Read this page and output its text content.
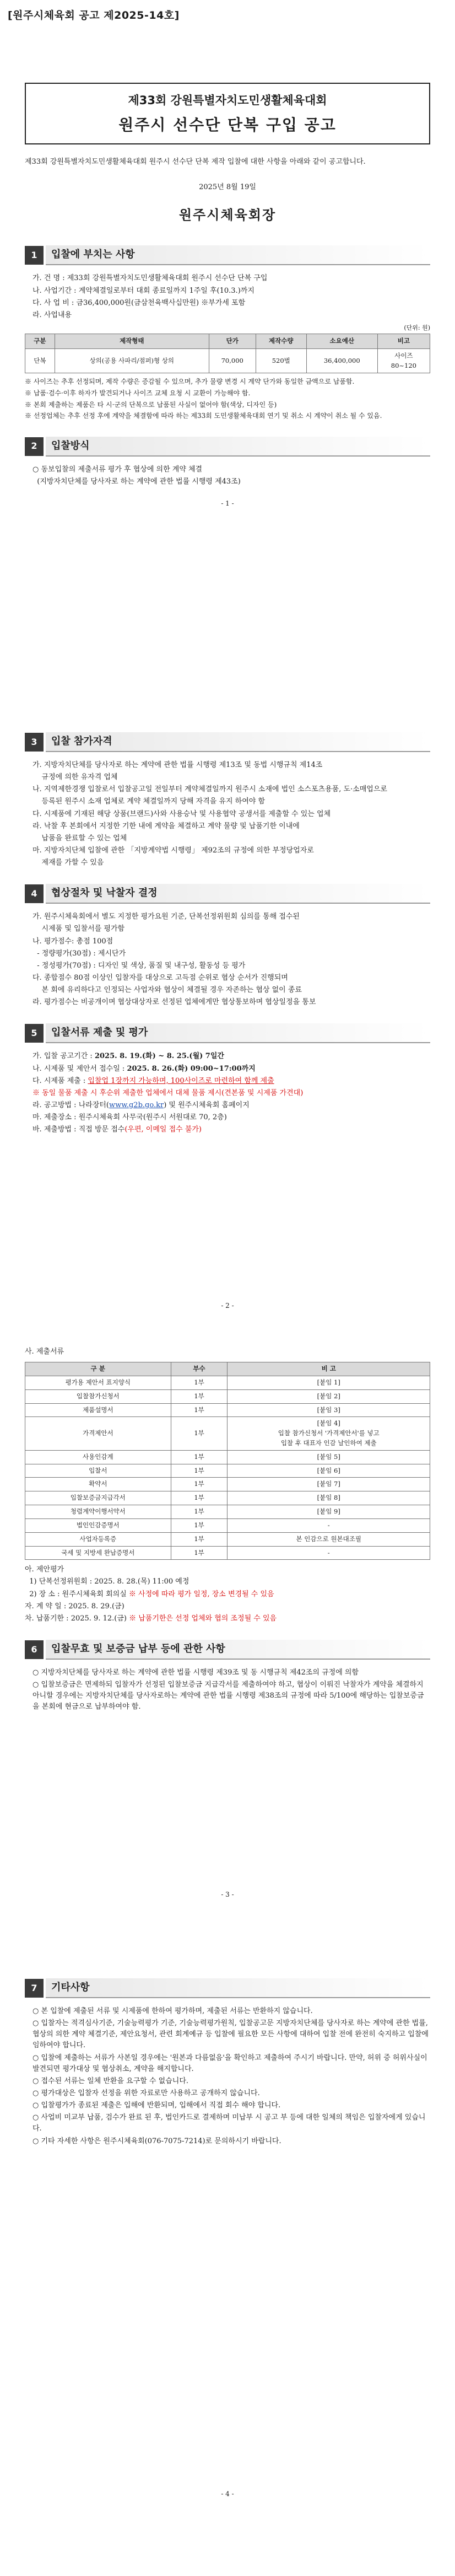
[원주시체육회 공고 제2025-14호]
제33회 강원특별자치도민생활체육대회
원주시 선수단 단복 구입 공고
제33회 강원특별자치도민생활체육대회 원주시 선수단 단복 제작 입찰에 대한 사항을 아래와 같이 공고합니다.
2025년 8월 19일
원주시체육회장
1	입찰에 부치는 사항
가. 건 명 : 제33회 강원특별자치도민생활체육대회 원주시 선수단 단복 구입
나. 사업기간 : 계약체결일로부터 대회 종료일까지 1주일 후(10.3.)까지
다. 사 업 비 : 금36,400,000원(금삼천육백사십만원) ※부가세 포함
라. 사업내용
(단위: 원)
구분	제작형태	단가	제작수량	소요예산	비고
단복	상의(공용 사파리/점퍼)형 상의	70,000	520벌	36,400,000	사이즈
80~120
※ 사이즈는 추후 선정되며, 제작 수량은 증감될 수 있으며, 추가 물량 변경 시 계약 단가와 동일한 금액으로 납품함.
※ 납품·검수·이후 하자가 발견되거나 사이즈 교체 요청 시 교환이 가능해야 함.
※ 본회 제출하는 제품은 타 시·군의 단복으로 납품된 사실이 없어야 함(색상, 디자인 등)
※ 선정업체는 추후 선정 후에 계약을 체결함에 따라 하는 제33회 도민생활체육대회 연기 및 취소 시 계약이 취소 될 수 있음.
2	입찰방식
○ 동보입찰의 제출서류 평가 후 협상에 의한 계약 체결
(지방자치단체를 당사자로 하는 계약에 관한 법률 시행령 제43조)
- 1 -
3	입찰 참가자격
가. 지방자치단체를 당사자로 하는 계약에 관한 법률 시행령 제13조 및 동법 시행규칙 제14조
규정에 의한 유자격 업체
나. 지역제한경쟁 입찰로서 입찰공고일 전일부터 계약체결일까지 원주시 소재에 법인 소스포츠용품, 도·소매업으로
등록된 원주시 소재 업체로 계약 체결일까지 당해 자격을 유지 하여야 함
다. 시제품에 기재된 해당 상품(브랜드)사와 사용승낙 및 사용협약 공생서를 제출할 수 있는 업체
라. 낙찰 후 본회에서 지정한 기한 내에 계약을 체결하고 계약 물량 및 납품기한 이내에
납품을 완료할 수 있는 업체
마. 지방자치단체 입찰에 관한 「지방계약법 시행령」 제92조의 규정에 의한 부정당업자로
제재를 가할 수 있음
4	협상절차 및 낙찰자 결정
가. 원주시체육회에서 별도 지정한 평가요원 기준, 단복선정위원회 심의를 통해 접수된
시제품 및 입찰서를 평가함
나. 평가점수: 총점 100점
- 정량평가(30점) : 제시단가
- 정성평가(70점) : 디자인 및 색상, 품질 및 내구성, 활동성 등 평가
다. 종합점수 80점 이상인 입찰자를 대상으로 고득점 순위로 협상 순서가 진행되며
본 회에 유리하다고 인정되는 사업자와 협상이 체결될 경우 자존하는 협상 없이 종료
라. 평가점수는 비공개이며 협상대상자로 선정된 업체에게만 협상통보하며 협상일정을 통보
5	입찰서류 제출 및 평가
가. 입찰 공고기간 : 2025. 8. 19.(화) ~ 8. 25.(월) 7일간
나. 시제품 및 제안서 접수일 : 2025. 8. 26.(화) 09:00~17:00까지
다. 시제품 제출 : 입찰업 1장까지 가능하며, 100사이즈로 마련하여 함께 제출
※ 동일 물품 제출 시 후순위 제출한 업체에서 대체 물품 제시(견본품 및 시제품 가견대)
라. 공고방법 : 나라장터(www.g2b.go.kr) 및 원주시체육회 홈페이지
마. 제출장소 : 원주시체육회 사무국(원주시 서원대로 70, 2층)
바. 제출방법 : 직접 방문 접수(우편, 이메일 접수 불가)
- 2 -
사. 제출서류
구 분	부수	비 고
평가용 제안서 표지양식	1부	[붙임 1]
입찰참가신청서	1부	[붙임 2]
제품설명서	1부	[붙임 3]
가격제안서	1부	[붙임 4]
입찰 참가신청서 '가격제안서'를 넣고
입찰 후 대표자 인감 날인하여 제출
사용인감계	1부	[붙임 5]
입찰서	1부	[붙임 6]
확약서	1부	[붙임 7]
입찰보증금지급각서	1부	[붙임 8]
청렴계약이행서약서	1부	[붙임 9]
법인인감증명서	1부	-
사업자등록증	1부	본 인감으로 원본대조필
국세 및 지방세 완납증명서	1부	-
아. 제안평가
1) 단복선정위원회 : 2025. 8. 28.(목) 11:00 예정
2) 장 소 : 원주시체육회 회의실 ※ 사정에 따라 평가 일정, 장소 변경될 수 있음
자. 계 약 일 : 2025. 8. 29.(금)
차. 납품기한 : 2025. 9. 12.(금) ※ 납품기한은 선정 업체와 협의 조정될 수 있음
6	입찰무효 및 보증금 납부 등에 관한 사항
○ 지방자치단체를 당사자로 하는 계약에 관한 법률 시행령 제39조 및 동 시행규칙 제42조의 규정에 의함
○ 입찰보증금은 면제하되 입찰자가 선정된 입찰보증금 지급각서를 제출하여야 하고, 협상이 이뤄진 낙찰자가 계약을 체결하지 아니할 경우에는 지방자치단체를 당사자로하는 계약에 관한 법률 시행령 제38조의 규정에 따라 5/100에 해당하는 입찰보증금을 본회에 현금으로 납부하여야 함.
- 3 -
7	기타사항
○ 본 입찰에 제출된 서류 및 시제품에 한하여 평가하며, 제출된 서류는 반환하지 않습니다.
○ 입찰자는 적격심사기준, 기술능력평가 기준, 기술능력평가원칙, 입찰공고문 지방자치단체를 당사자로 하는 계약에 관한 법률, 협상의 의한 계약 체결기준, 제안요청서, 관련 회계예규 등 입찰에 필요한 모든 사항에 대하여 입찰 전에 완전히 숙지하고 입찰에 임하여야 합니다.
○ 입찰에 제출하는 서류가 사본일 경우에는 '원본과 다름없음'을 확인하고 제출하여 주시기 바랍니다. 만약, 허위 증 허위사실이 발견되면 평가대상 및 협상취소, 계약을 해지합니다.
○ 접수된 서류는 일체 반환을 요구할 수 없습니다.
○ 평가대상은 입찰자 선정을 위한 자료로만 사용하고 공개하지 않습니다.
○ 입찰평가가 종료된 제출은 입해에 반환되며, 입해에서 직접 회수 해야 합니다.
○ 사업비 미교부 납품, 검수가 완료 된 후, 법인카드로 결제하며 미납부 시 공고 부 등에 대한 일체의 책임은 입찰자에게 있습니다.
○ 기타 자세한 사항은 원주시체육회(076-7075-7214)로 문의하시기 바랍니다.
- 4 -
